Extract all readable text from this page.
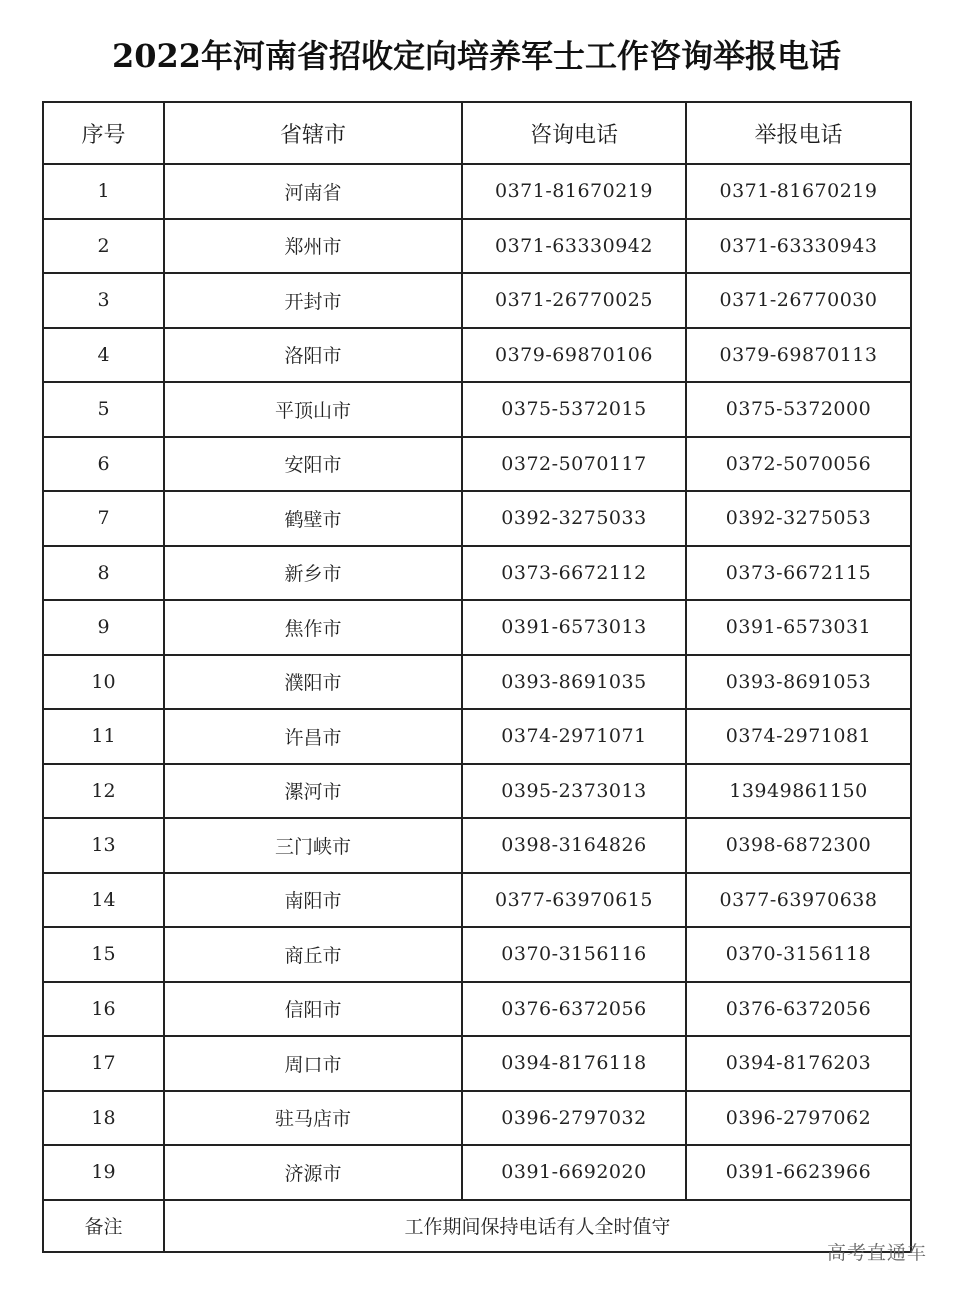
2022年河南省招收定向培养军士工作咨询举报电话
序号	省辖市	咨询电话	举报电话
1	河南省	0371-81670219	0371-81670219
2	郑州市	0371-63330942	0371-63330943
3	开封市	0371-26770025	0371-26770030
4	洛阳市	0379-69870106	0379-69870113
5	平顶山市	0375-5372015	0375-5372000
6	安阳市	0372-5070117	0372-5070056
7	鹤壁市	0392-3275033	0392-3275053
8	新乡市	0373-6672112	0373-6672115
9	焦作市	0391-6573013	0391-6573031
10	濮阳市	0393-8691035	0393-8691053
11	许昌市	0374-2971071	0374-2971081
12	漯河市	0395-2373013	13949861150
13	三门峡市	0398-3164826	0398-6872300
14	南阳市	0377-63970615	0377-63970638
15	商丘市	0370-3156116	0370-3156118
16	信阳市	0376-6372056	0376-6372056
17	周口市	0394-8176118	0394-8176203
18	驻马店市	0396-2797032	0396-2797062
19	济源市	0391-6692020	0391-6623966
备注	工作期间保持电话有人全时值守		
高考直通车
